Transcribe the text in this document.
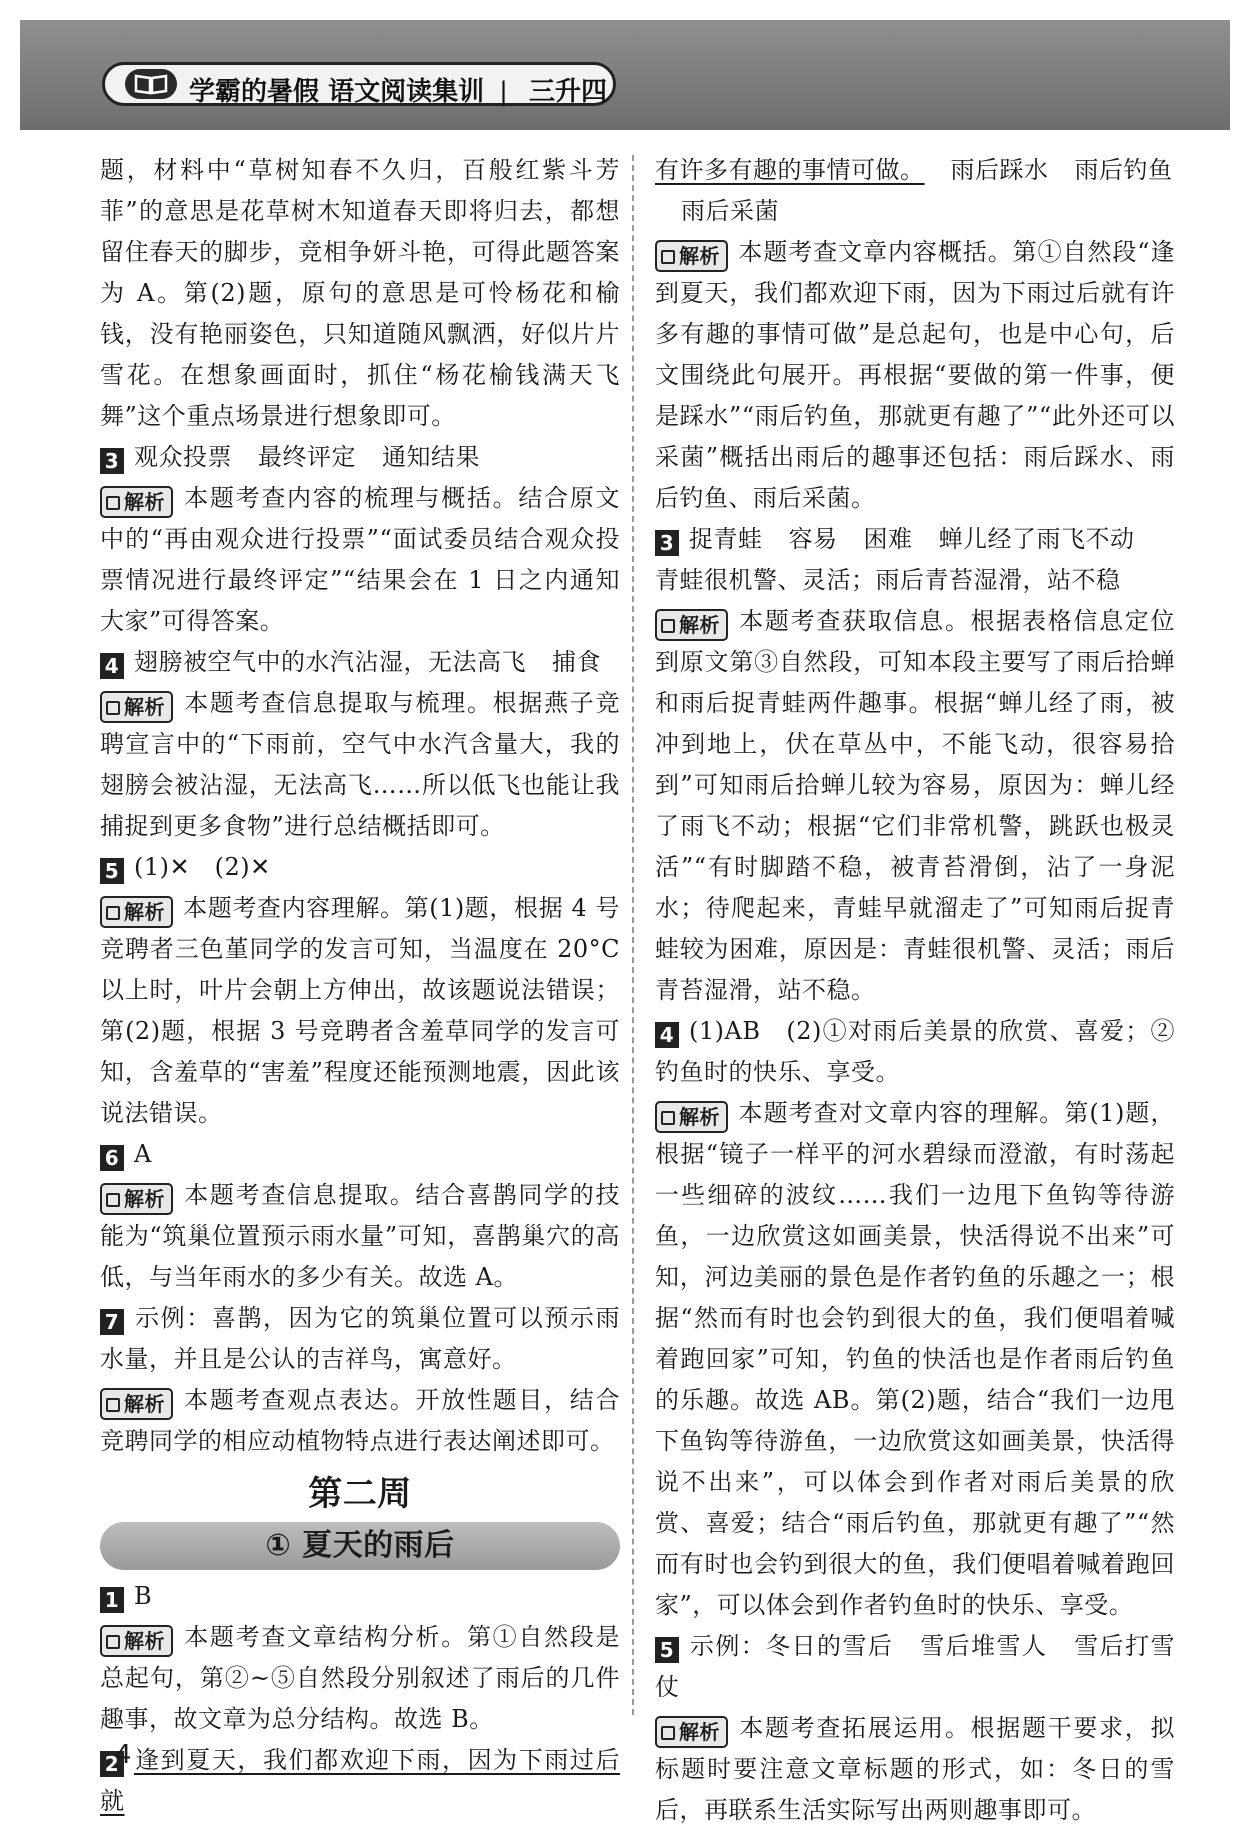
学霸的暑假 语文阅读集训 | 三升四

题，材料中“草树知春不久归，百般红紫斗芳菲”的意思是花草树木知道春天即将归去，都想留住春天的脚步，竞相争妍斗艳，可得此题答案为 A。第(2)题，原句的意思是可怜杨花和榆钱，没有艳丽姿色，只知道随风飘洒，好似片片雪花。在想象画面时，抓住“杨花榆钱满天飞舞”这个重点场景进行想象即可。

3 观众投票 最终评定 通知结果

解析 本题考查内容的梳理与概括。结合原文中的“再由观众进行投票”“面试委员结合观众投票情况进行最终评定”“结果会在 1 日之内通知大家”可得答案。

4 翅膀被空气中的水汽沾湿，无法高飞 捕食

解析 本题考查信息提取与梳理。根据燕子竞聘宣言中的“下雨前，空气中水汽含量大，我的翅膀会被沾湿，无法高飞……所以低飞也能让我捕捉到更多食物”进行总结概括即可。

5 (1)✕　(2)✕

解析 本题考查内容理解。第(1)题，根据 4 号竞聘者三色堇同学的发言可知，当温度在 20°C 以上时，叶片会朝上方伸出，故该题说法错误；第(2)题，根据 3 号竞聘者含羞草同学的发言可知，含羞草的“害羞”程度还能预测地震，因此该说法错误。

6 A

解析 本题考查信息提取。结合喜鹊同学的技能为“筑巢位置预示雨水量”可知，喜鹊巢穴的高低，与当年雨水的多少有关。故选 A。

7 示例：喜鹊，因为它的筑巢位置可以预示雨水量，并且是公认的吉祥鸟，寓意好。

解析 本题考查观点表达。开放性题目，结合竞聘同学的相应动植物特点进行表达阐述即可。

第二周

① 夏天的雨后

1 B

解析 本题考查文章结构分析。第①自然段是总起句，第②~⑤自然段分别叙述了雨后的几件趣事，故文章为总分结构。故选 B。

2 逢到夏天，我们都欢迎下雨，因为下雨过后就

有许多有趣的事情可做。 雨后踩水 雨后钓鱼
雨后采菌

解析 本题考查文章内容概括。第①自然段“逢到夏天，我们都欢迎下雨，因为下雨过后就有许多有趣的事情可做”是总起句，也是中心句，后文围绕此句展开。再根据“要做的第一件事，便是踩水”“雨后钓鱼，那就更有趣了”“此外还可以采菌”概括出雨后的趣事还包括：雨后踩水、雨后钓鱼、雨后采菌。

3 捉青蛙 容易 困难 蝉儿经了雨飞不动
青蛙很机警、灵活；雨后青苔湿滑，站不稳

解析 本题考查获取信息。根据表格信息定位到原文第③自然段，可知本段主要写了雨后拾蝉和雨后捉青蛙两件趣事。根据“蝉儿经了雨，被冲到地上，伏在草丛中，不能飞动，很容易拾到”可知雨后拾蝉儿较为容易，原因为：蝉儿经了雨飞不动；根据“它们非常机警，跳跃也极灵活”“有时脚踏不稳，被青苔滑倒，沾了一身泥水；待爬起来，青蛙早就溜走了”可知雨后捉青蛙较为困难，原因是：青蛙很机警、灵活；雨后青苔湿滑，站不稳。

4 (1)AB　(2)①对雨后美景的欣赏、喜爱；②钓鱼时的快乐、享受。

解析 本题考查对文章内容的理解。第(1)题，根据“镜子一样平的河水碧绿而澄澈，有时荡起一些细碎的波纹……我们一边甩下鱼钩等待游鱼，一边欣赏这如画美景，快活得说不出来”可知，河边美丽的景色是作者钓鱼的乐趣之一；根据“然而有时也会钓到很大的鱼，我们便唱着喊着跑回家”可知，钓鱼的快活也是作者雨后钓鱼的乐趣。故选 AB。第(2)题，结合“我们一边甩下鱼钩等待游鱼，一边欣赏这如画美景，快活得说不出来”，可以体会到作者对雨后美景的欣赏、喜爱；结合“雨后钓鱼，那就更有趣了”“然而有时也会钓到很大的鱼，我们便唱着喊着跑回家”，可以体会到作者钓鱼时的快乐、享受。

5 示例：冬日的雪后 雪后堆雪人 雪后打雪仗

解析 本题考查拓展运用。根据题干要求，拟标题时要注意文章标题的形式，如：冬日的雪后，再联系生活实际写出两则趣事即可。

4
